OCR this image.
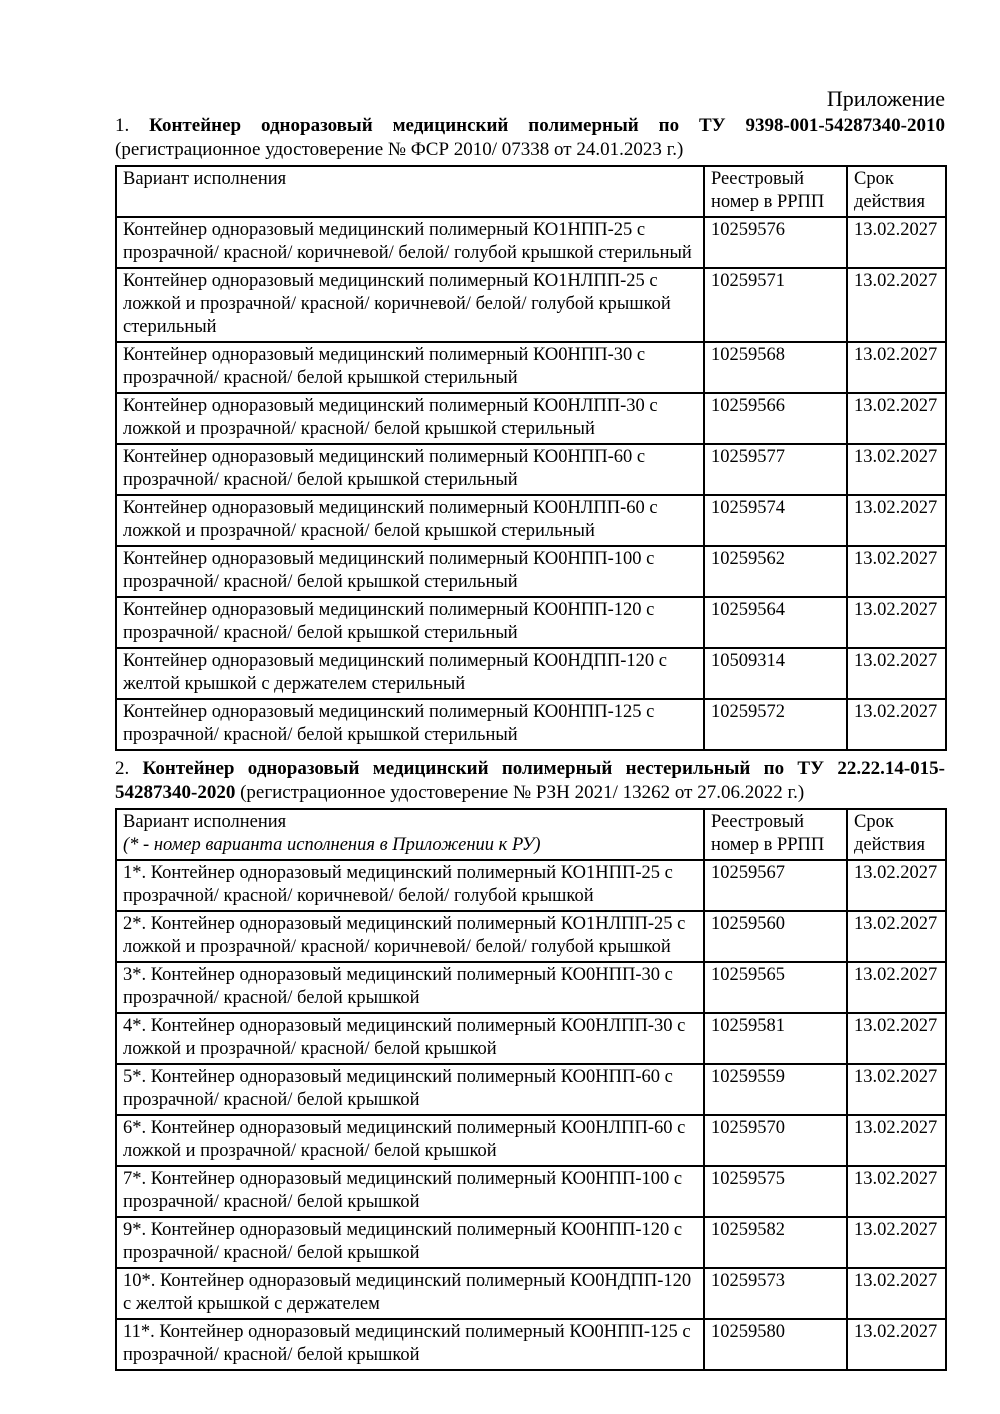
Приложение

1. Контейнер одноразовый медицинский полимерный по ТУ 9398-001-54287340-2010 (регистрационное удостоверение № ФСР 2010/ 07338 от 24.01.2023 г.)

Вариант исполнения	Реестровый номер в РРПП	Срок действия
Контейнер одноразовый медицинский полимерный КО1НПП-25 с прозрачной/ красной/ коричневой/ белой/ голубой крышкой стерильный	10259576	13.02.2027
Контейнер одноразовый медицинский полимерный КО1НЛПП-25 с ложкой и прозрачной/ красной/ коричневой/ белой/ голубой крышкой стерильный	10259571	13.02.2027
Контейнер одноразовый медицинский полимерный КО0НПП-30 с прозрачной/ красной/ белой крышкой стерильный	10259568	13.02.2027
Контейнер одноразовый медицинский полимерный КО0НЛПП-30 с ложкой и прозрачной/ красной/ белой крышкой стерильный	10259566	13.02.2027
Контейнер одноразовый медицинский полимерный КО0НПП-60 с прозрачной/ красной/ белой крышкой стерильный	10259577	13.02.2027
Контейнер одноразовый медицинский полимерный КО0НЛПП-60 с ложкой и прозрачной/ красной/ белой крышкой стерильный	10259574	13.02.2027
Контейнер одноразовый медицинский полимерный КО0НПП-100 с прозрачной/ красной/ белой крышкой стерильный	10259562	13.02.2027
Контейнер одноразовый медицинский полимерный КО0НПП-120 с прозрачной/ красной/ белой крышкой стерильный	10259564	13.02.2027
Контейнер одноразовый медицинский полимерный КО0НДПП-120 с желтой крышкой с держателем стерильный	10509314	13.02.2027
Контейнер одноразовый медицинский полимерный КО0НПП-125 с прозрачной/ красной/ белой крышкой стерильный	10259572	13.02.2027

2. Контейнер одноразовый медицинский полимерный нестерильный по ТУ 22.22.14-015-54287340-2020 (регистрационное удостоверение № РЗН 2021/ 13262 от 27.06.2022 г.)

Вариант исполнения
(* - номер варианта исполнения в Приложении к РУ)	Реестровый номер в РРПП	Срок действия
1*. Контейнер одноразовый медицинский полимерный КО1НПП-25 с прозрачной/ красной/ коричневой/ белой/ голубой крышкой	10259567	13.02.2027
2*. Контейнер одноразовый медицинский полимерный КО1НЛПП-25 с ложкой и прозрачной/ красной/ коричневой/ белой/ голубой крышкой	10259560	13.02.2027
3*. Контейнер одноразовый медицинский полимерный КО0НПП-30 с прозрачной/ красной/ белой крышкой	10259565	13.02.2027
4*. Контейнер одноразовый медицинский полимерный КО0НЛПП-30 с ложкой и прозрачной/ красной/ белой крышкой	10259581	13.02.2027
5*. Контейнер одноразовый медицинский полимерный КО0НПП-60 с прозрачной/ красной/ белой крышкой	10259559	13.02.2027
6*. Контейнер одноразовый медицинский полимерный КО0НЛПП-60 с ложкой и прозрачной/ красной/ белой крышкой	10259570	13.02.2027
7*. Контейнер одноразовый медицинский полимерный КО0НПП-100 с прозрачной/ красной/ белой крышкой	10259575	13.02.2027
9*. Контейнер одноразовый медицинский полимерный КО0НПП-120 с прозрачной/ красной/ белой крышкой	10259582	13.02.2027
10*. Контейнер одноразовый медицинский полимерный КО0НДПП-120 с желтой крышкой с держателем	10259573	13.02.2027
11*. Контейнер одноразовый медицинский полимерный КО0НПП-125 с прозрачной/ красной/ белой крышкой	10259580	13.02.2027
